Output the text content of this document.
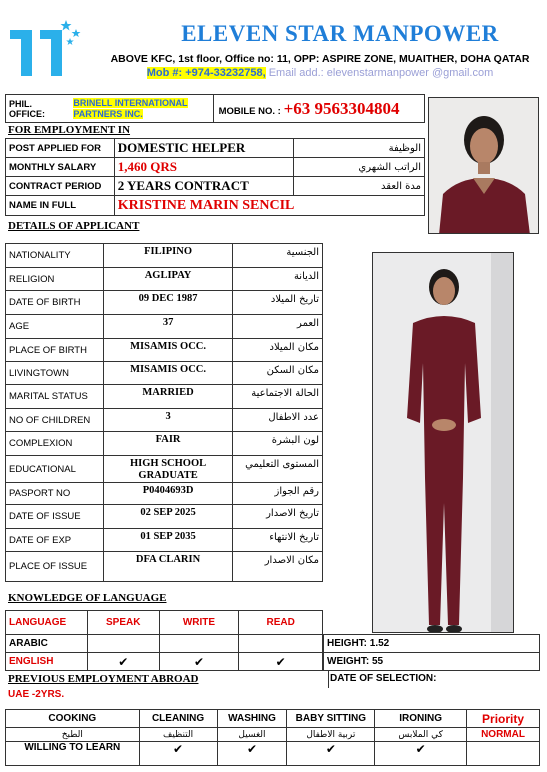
ELEVEN STAR MANPOWER
ABOVE KFC, 1st floor, Office no: 11, OPP: ASPIRE ZONE, MUAITHER, DOHA QATAR
Mob #: +974-33232758, Email add.: elevenstarmanpower @gmail.com
PHIL. OFFICE:	BRINELL INTERNATIONAL
PARTNERS INC.	MOBILE NO. : +63 9563304804
FOR EMPLOYMENT IN
POST APPLIED FOR	DOMESTIC HELPER	الوظيفة
MONTHLY SALARY	1,460 QRS	الراتب الشهري
CONTRACT PERIOD	2 YEARS CONTRACT	مدة العقد
NAME IN FULL	KRISTINE MARIN SENCIL	
DETAILS OF APPLICANT
NATIONALITY	FILIPINO	الجنسية
RELIGION	AGLIPAY	الديانة
DATE OF BIRTH	09 DEC 1987	تاريخ الميلاد
AGE	37	العمر
PLACE OF BIRTH	MISAMIS OCC.	مكان الميلاد
LIVINGTOWN	MISAMIS OCC.	مكان السكن
MARITAL STATUS	MARRIED	الحالة الاجتماعية
NO OF CHILDREN	3	عدد الاطفال
COMPLEXION	FAIR	لون البشرة
EDUCATIONAL	HIGH SCHOOL GRADUATE	المستوى التعليمي
PASPORT NO	P0404693D	رقم الجواز
DATE OF ISSUE	02 SEP 2025	تاريخ الاصدار
DATE OF EXP	01 SEP 2035	تاريخ الانتهاء
PLACE OF ISSUE	DFA CLARIN	مكان الاصدار
KNOWLEDGE OF LANGUAGE
LANGUAGE	SPEAK	WRITE	READ
ARABIC			
ENGLISH	✔	✔	✔
HEIGHT: 1.52
WEIGHT: 55
PREVIOUS EMPLOYMENT ABROAD	DATE OF SELECTION:
UAE -2YRS.
COOKING	CLEANING	WASHING	BABY SITTING	IRONING	Priority
الطبخ	التنظيف	الغسيل	تربية الاطفال	كي الملابس	NORMAL
WILLING TO LEARN	✔	✔	✔	✔	
